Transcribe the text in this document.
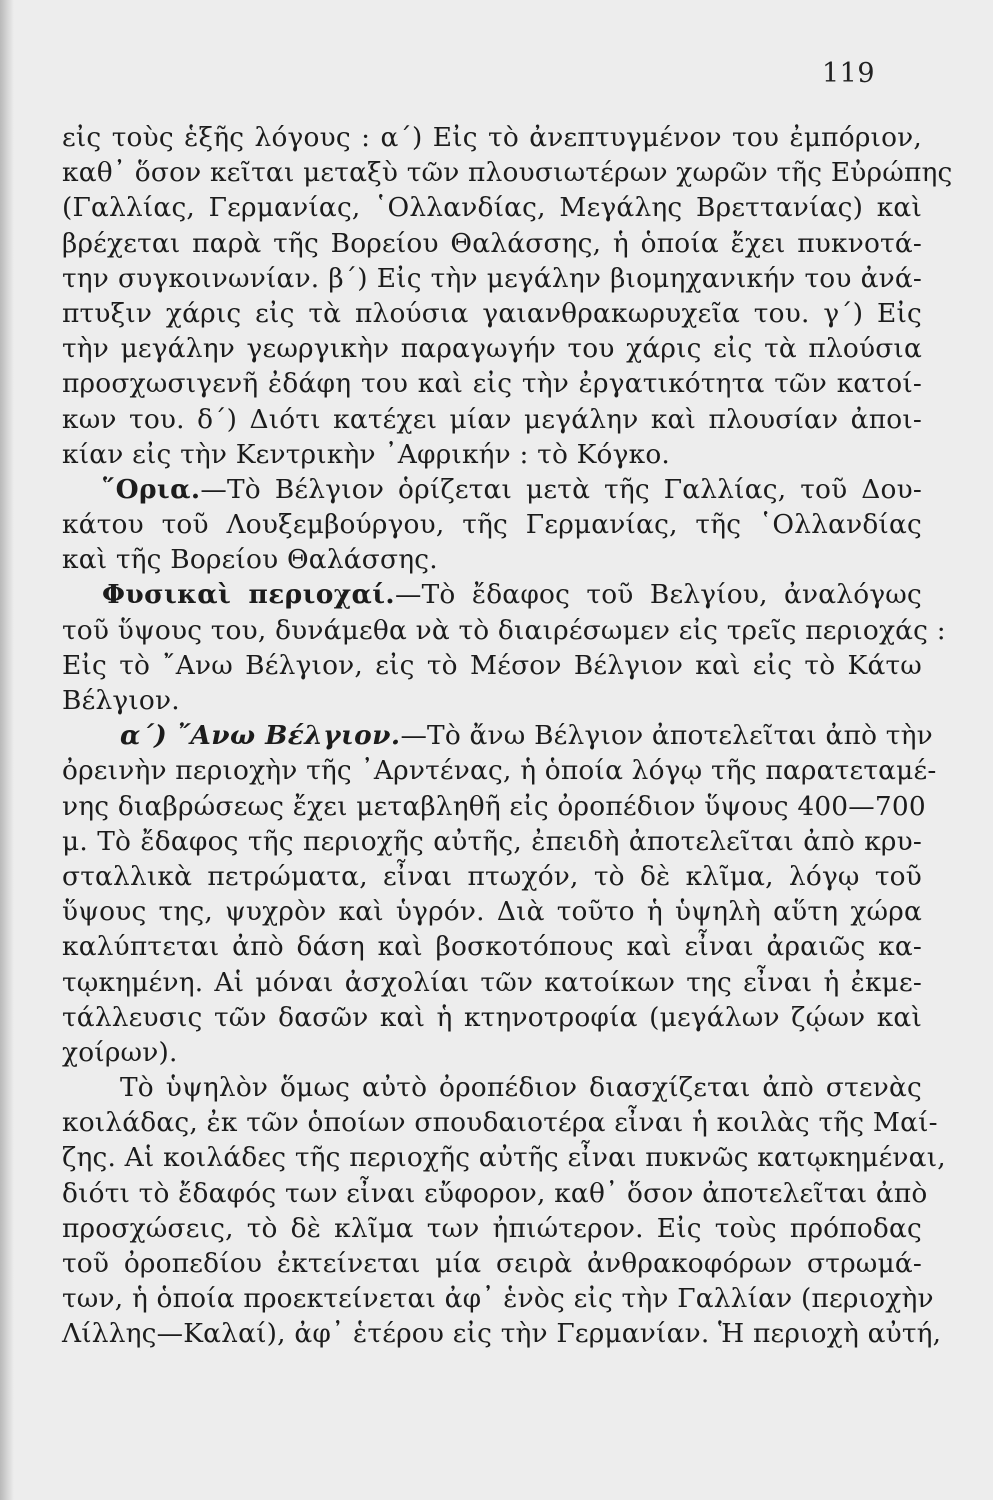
119
εἰς τοὺς ἑξῆς λόγους : α΄) Εἰς τὸ ἀνεπτυγμένον του ἐμπόριον,
καθ᾽ ὅσον κεῖται μεταξὺ τῶν πλουσιωτέρων χωρῶν τῆς Εὐρώπης
(Γαλλίας, Γερμανίας, ῾Ολλανδίας, Μεγάλης Βρεττανίας) καὶ
βρέχεται παρὰ τῆς Βορείου Θαλάσσης, ἡ ὁποία ἔχει πυκνοτά-
την συγκοινωνίαν. β΄) Εἰς τὴν μεγάλην βιομηχανικήν του ἀνά-
πτυξιν χάρις εἰς τὰ πλούσια γαιανθρακωρυχεῖα του. γ΄) Εἰς
τὴν μεγάλην γεωργικὴν παραγωγήν του χάρις εἰς τὰ πλούσια
προσχωσιγενῆ ἐδάφη του καὶ εἰς τὴν ἐργατικότητα τῶν κατοί-
κων του. δ΄) Διότι κατέχει μίαν μεγάλην καὶ πλουσίαν ἀποι-
κίαν εἰς τὴν Κεντρικὴν ᾽Αφρικήν : τὸ Κόγκο.
῞Ορια.—Τὸ Βέλγιον ὁρίζεται μετὰ τῆς Γαλλίας, τοῦ Δου-
κάτου τοῦ Λουξεμβούργου, τῆς Γερμανίας, τῆς ῾Ολλανδίας
καὶ τῆς Βορείου Θαλάσσης.
Φυσικαὶ περιοχαί.—Τὸ ἔδαφος τοῦ Βελγίου, ἀναλόγως
τοῦ ὕψους του, δυνάμεθα νὰ τὸ διαιρέσωμεν εἰς τρεῖς περιοχάς :
Εἰς τὸ ῎Ανω Βέλγιον, εἰς τὸ Μέσον Βέλγιον καὶ εἰς τὸ Κάτω
Βέλγιον.
α΄) ῎Ανω Βέλγιον.—Τὸ ἄνω Βέλγιον ἀποτελεῖται ἀπὸ τὴν
ὀρεινὴν περιοχὴν τῆς ᾽Αρντένας, ἡ ὁποία λόγῳ τῆς παρατεταμέ-
νης διαβρώσεως ἔχει μεταβληθῆ εἰς ὀροπέδιον ὕψους 400—700
μ. Τὸ ἔδαφος τῆς περιοχῆς αὐτῆς, ἐπειδὴ ἀποτελεῖται ἀπὸ κρυ-
σταλλικὰ πετρώματα, εἶναι πτωχόν, τὸ δὲ κλῖμα, λόγῳ τοῦ
ὕψους της, ψυχρὸν καὶ ὑγρόν. Διὰ τοῦτο ἡ ὑψηλὴ αὕτη χώρα
καλύπτεται ἀπὸ δάση καὶ βοσκοτόπους καὶ εἶναι ἀραιῶς κα-
τῳκημένη. Αἱ μόναι ἀσχολίαι τῶν κατοίκων της εἶναι ἡ ἐκμε-
τάλλευσις τῶν δασῶν καὶ ἡ κτηνοτροφία (μεγάλων ζῴων καὶ
χοίρων).
Τὸ ὑψηλὸν ὅμως αὐτὸ ὀροπέδιον διασχίζεται ἀπὸ στενὰς
κοιλάδας, ἐκ τῶν ὁποίων σπουδαιοτέρα εἶναι ἡ κοιλὰς τῆς Μαί-
ζης. Αἱ κοιλάδες τῆς περιοχῆς αὐτῆς εἶναι πυκνῶς κατῳκημέναι,
διότι τὸ ἔδαφός των εἶναι εὔφορον, καθ᾽ ὅσον ἀποτελεῖται ἀπὸ
προσχώσεις, τὸ δὲ κλῖμα των ἠπιώτερον. Εἰς τοὺς πρόποδας
τοῦ ὀροπεδίου ἐκτείνεται μία σειρὰ ἀνθρακοφόρων στρωμά-
των, ἡ ὁποία προεκτείνεται ἀφ᾽ ἑνὸς εἰς τὴν Γαλλίαν (περιοχὴν
Λίλλης—Καλαί), ἀφ᾽ ἑτέρου εἰς τὴν Γερμανίαν. Ἡ περιοχὴ αὐτή,
